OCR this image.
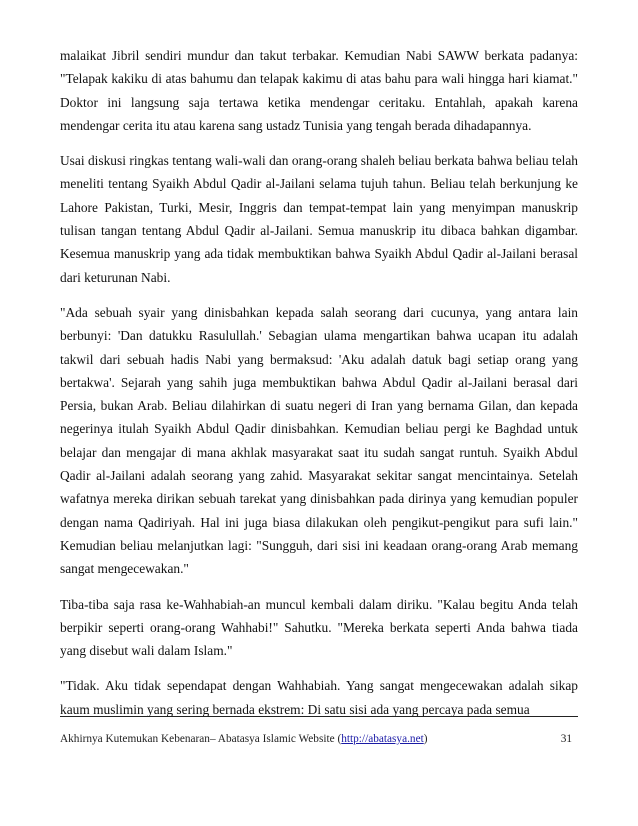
malaikat Jibril sendiri mundur dan takut terbakar. Kemudian Nabi SAWW berkata padanya: "Telapak kakiku di atas bahumu dan telapak kakimu di atas bahu para wali hingga hari kiamat." Doktor ini langsung saja tertawa ketika mendengar ceritaku. Entahlah, apakah karena mendengar cerita itu atau karena sang ustadz Tunisia yang tengah berada dihadapannya.

Usai diskusi ringkas tentang wali-wali dan orang-orang shaleh beliau berkata bahwa beliau telah meneliti tentang Syaikh Abdul Qadir al-Jailani selama tujuh tahun. Beliau telah berkunjung ke Lahore Pakistan, Turki, Mesir, Inggris dan tempat-tempat lain yang menyimpan manuskrip tulisan tangan tentang Abdul Qadir al-Jailani. Semua manuskrip itu dibaca bahkan digambar. Kesemua manuskrip yang ada tidak membuktikan bahwa Syaikh Abdul Qadir al-Jailani berasal dari keturunan Nabi.

"Ada sebuah syair yang dinisbahkan kepada salah seorang dari cucunya, yang antara lain berbunyi: 'Dan datukku Rasulullah.' Sebagian ulama mengartikan bahwa ucapan itu adalah takwil dari sebuah hadis Nabi yang bermaksud: 'Aku adalah datuk bagi setiap orang yang bertakwa'. Sejarah yang sahih juga membuktikan bahwa Abdul Qadir al-Jailani berasal dari Persia, bukan Arab. Beliau dilahirkan di suatu negeri di Iran yang bernama Gilan, dan kepada negerinya itulah Syaikh Abdul Qadir dinisbahkan. Kemudian beliau pergi ke Baghdad untuk belajar dan mengajar di mana akhlak masyarakat saat itu sudah sangat runtuh. Syaikh Abdul Qadir al-Jailani adalah seorang yang zahid. Masyarakat sekitar sangat mencintainya. Setelah wafatnya mereka dirikan sebuah tarekat yang dinisbahkan pada dirinya yang kemudian populer dengan nama Qadiriyah. Hal ini juga biasa dilakukan oleh pengikut-pengikut para sufi lain." Kemudian beliau melanjutkan lagi: "Sungguh, dari sisi ini keadaan orang-orang Arab memang sangat mengecewakan."

Tiba-tiba saja rasa ke-Wahhabiah-an muncul kembali dalam diriku. "Kalau begitu Anda telah berpikir seperti orang-orang Wahhabi!" Sahutku. "Mereka berkata seperti Anda bahwa tiada yang disebut wali dalam Islam."

"Tidak. Aku tidak sependapat dengan Wahhabiah. Yang sangat mengecewakan adalah sikap kaum muslimin yang sering bernada ekstrem: Di satu sisi ada yang percaya pada semua

Akhirnya Kutemukan Kebenaran– Abatasya Islamic Website (http://abatasya.net)	31
